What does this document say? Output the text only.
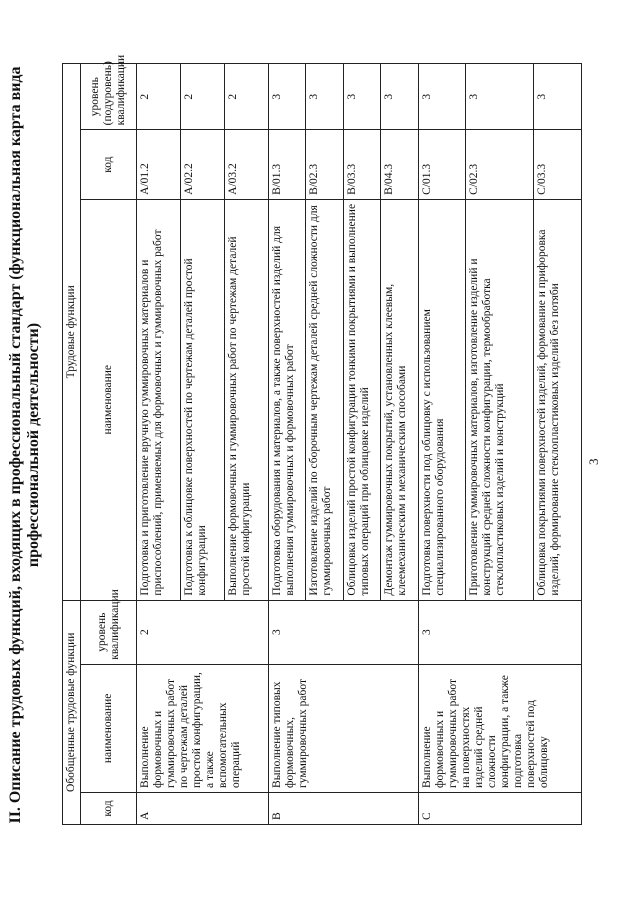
II. Описание трудовых функций, входящих в профессиональный стандарт (функциональная карта вида профессиональной деятельности)
Обобщенные трудовые функции			Трудовые функции		
код	наименование	уровень квалификации	наименование	код	уровень (подуровень) квалификации
A	Выполнение формовочных и гуммировочных работ по чертежам деталей простой конфигурации, а также вспомогательных операций	2	Подготовка и приготовление вручную гуммировочных материалов и приспособлений, применяемых для формовочных и гуммировочных работ	A/01.2	2
			Подготовка к облицовке поверхностей по чертежам деталей простой конфигурации	A/02.2	2
			Выполнение формовочных и гуммировочных работ по чертежам деталей простой конфигурации	A/03.2	2
B	Выполнение типовых формовочных, гуммировочных работ	3	Подготовка оборудования и материалов, а также поверхностей изделий для выполнения гуммировочных и формовочных работ	B/01.3	3
			Изготовление изделий по сборочным чертежам деталей средней сложности для гуммировочных работ	B/02.3	3
			Облицовка изделий простой конфигурации тонкими покрытиями и выполнение типовых операций при облицовке изделий	B/03.3	3
			Демонтаж гуммировочных покрытий, установленных клеевым, клеемеханическим и механическим способами	B/04.3	3
C	Выполнение формовочных и гуммировочных работ на поверхностях изделий средней сложности конфигурации, а также подготовка поверхностей под облицовку	3	Подготовка поверхности под облицовку с использованием специализированного оборудования	C/01.3	3
			Приготовление гуммировочных материалов, изготовление изделий и конструкций средней сложности конфигурации, термообработка стеклопластиковых изделий и конструкций	C/02.3	3
			Облицовка покрытиями поверхностей изделий, формование и прифоровка изделий, формирование стеклопластиковых изделий без потяби	C/03.3	3
3
